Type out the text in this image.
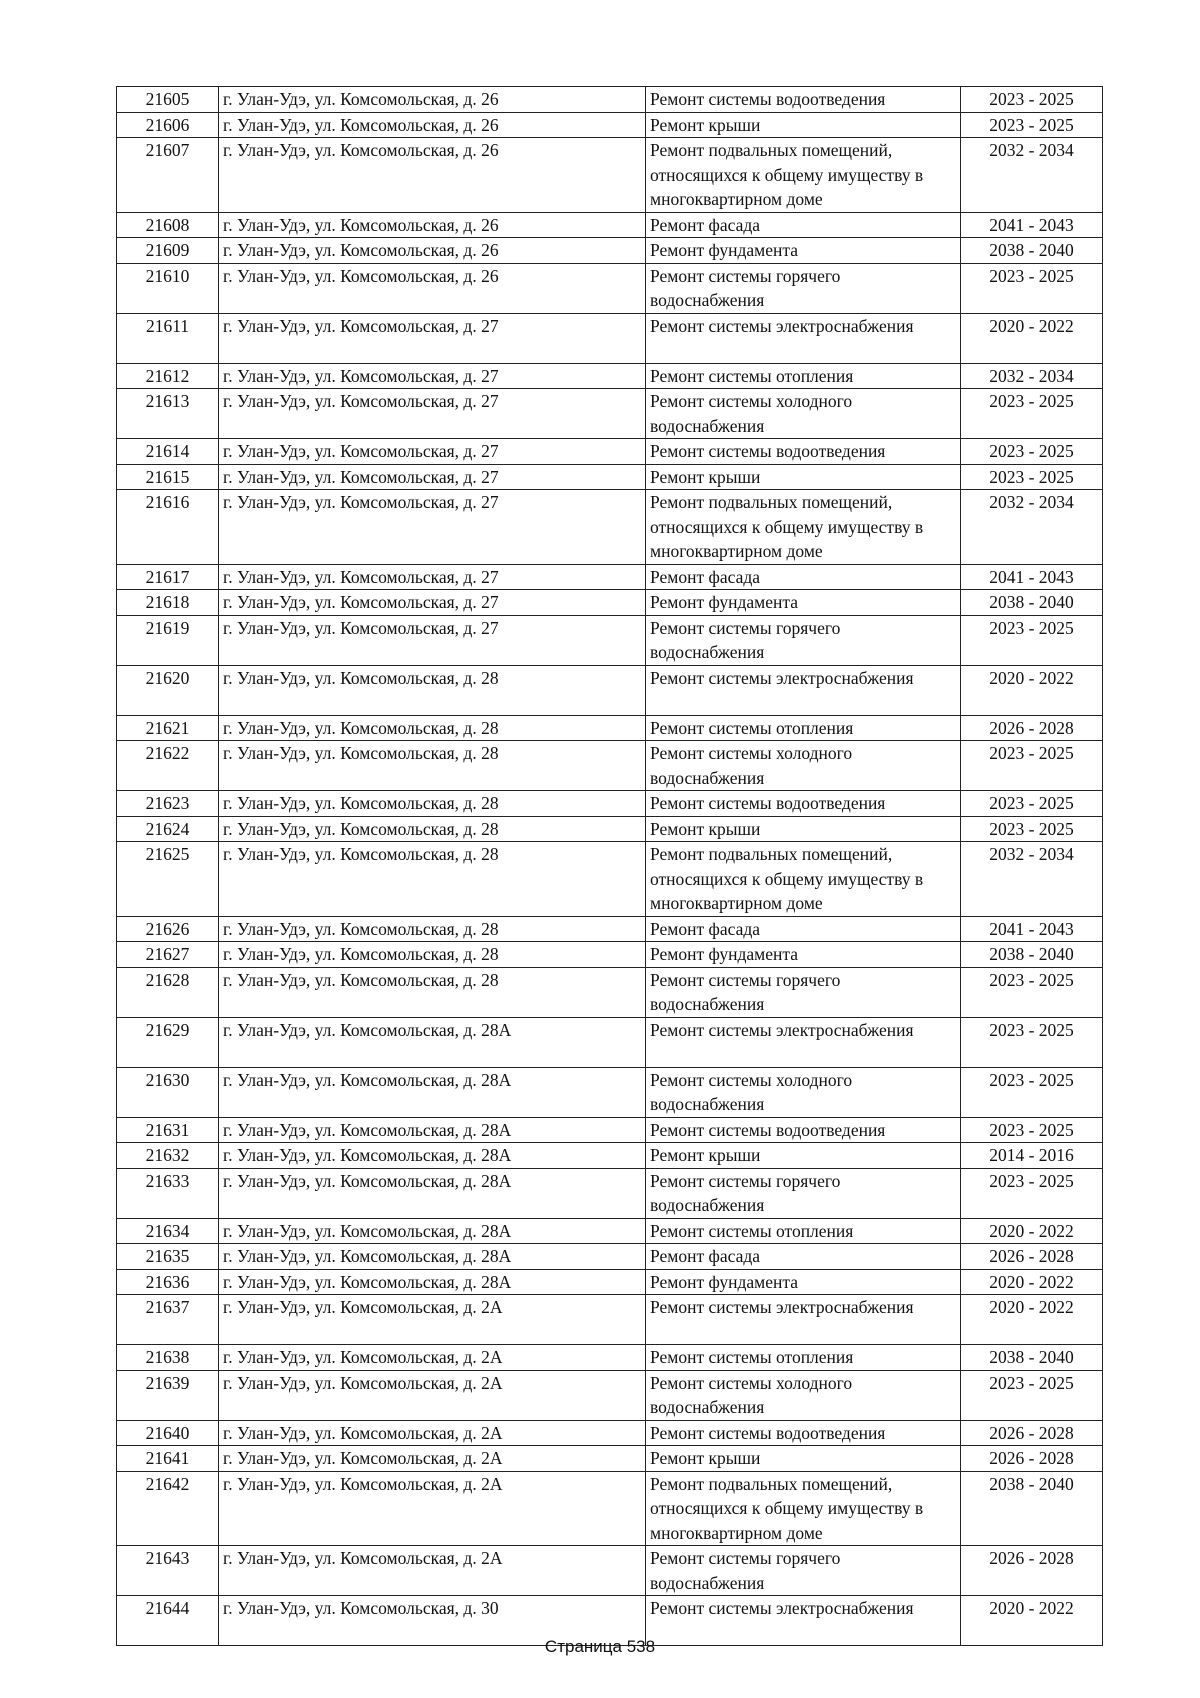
21605	г. Улан-Удэ, ул. Комсомольская, д. 26	Ремонт системы водоотведения	2023 - 2025
21606	г. Улан-Удэ, ул. Комсомольская, д. 26	Ремонт крыши	2023 - 2025
21607	г. Улан-Удэ, ул. Комсомольская, д. 26	Ремонт подвальных помещений, относящихся к общему имуществу в многоквартирном доме	2032 - 2034
21608	г. Улан-Удэ, ул. Комсомольская, д. 26	Ремонт фасада	2041 - 2043
21609	г. Улан-Удэ, ул. Комсомольская, д. 26	Ремонт фундамента	2038 - 2040
21610	г. Улан-Удэ, ул. Комсомольская, д. 26	Ремонт системы горячего водоснабжения	2023 - 2025
21611	г. Улан-Удэ, ул. Комсомольская, д. 27	Ремонт системы электроснабжения	2020 - 2022
21612	г. Улан-Удэ, ул. Комсомольская, д. 27	Ремонт системы отопления	2032 - 2034
21613	г. Улан-Удэ, ул. Комсомольская, д. 27	Ремонт системы холодного водоснабжения	2023 - 2025
21614	г. Улан-Удэ, ул. Комсомольская, д. 27	Ремонт системы водоотведения	2023 - 2025
21615	г. Улан-Удэ, ул. Комсомольская, д. 27	Ремонт крыши	2023 - 2025
21616	г. Улан-Удэ, ул. Комсомольская, д. 27	Ремонт подвальных помещений, относящихся к общему имуществу в многоквартирном доме	2032 - 2034
21617	г. Улан-Удэ, ул. Комсомольская, д. 27	Ремонт фасада	2041 - 2043
21618	г. Улан-Удэ, ул. Комсомольская, д. 27	Ремонт фундамента	2038 - 2040
21619	г. Улан-Удэ, ул. Комсомольская, д. 27	Ремонт системы горячего водоснабжения	2023 - 2025
21620	г. Улан-Удэ, ул. Комсомольская, д. 28	Ремонт системы электроснабжения	2020 - 2022
21621	г. Улан-Удэ, ул. Комсомольская, д. 28	Ремонт системы отопления	2026 - 2028
21622	г. Улан-Удэ, ул. Комсомольская, д. 28	Ремонт системы холодного водоснабжения	2023 - 2025
21623	г. Улан-Удэ, ул. Комсомольская, д. 28	Ремонт системы водоотведения	2023 - 2025
21624	г. Улан-Удэ, ул. Комсомольская, д. 28	Ремонт крыши	2023 - 2025
21625	г. Улан-Удэ, ул. Комсомольская, д. 28	Ремонт подвальных помещений, относящихся к общему имуществу в многоквартирном доме	2032 - 2034
21626	г. Улан-Удэ, ул. Комсомольская, д. 28	Ремонт фасада	2041 - 2043
21627	г. Улан-Удэ, ул. Комсомольская, д. 28	Ремонт фундамента	2038 - 2040
21628	г. Улан-Удэ, ул. Комсомольская, д. 28	Ремонт системы горячего водоснабжения	2023 - 2025
21629	г. Улан-Удэ, ул. Комсомольская, д. 28А	Ремонт системы электроснабжения	2023 - 2025
21630	г. Улан-Удэ, ул. Комсомольская, д. 28А	Ремонт системы холодного водоснабжения	2023 - 2025
21631	г. Улан-Удэ, ул. Комсомольская, д. 28А	Ремонт системы водоотведения	2023 - 2025
21632	г. Улан-Удэ, ул. Комсомольская, д. 28А	Ремонт крыши	2014 - 2016
21633	г. Улан-Удэ, ул. Комсомольская, д. 28А	Ремонт системы горячего водоснабжения	2023 - 2025
21634	г. Улан-Удэ, ул. Комсомольская, д. 28А	Ремонт системы отопления	2020 - 2022
21635	г. Улан-Удэ, ул. Комсомольская, д. 28А	Ремонт фасада	2026 - 2028
21636	г. Улан-Удэ, ул. Комсомольская, д. 28А	Ремонт фундамента	2020 - 2022
21637	г. Улан-Удэ, ул. Комсомольская, д. 2А	Ремонт системы электроснабжения	2020 - 2022
21638	г. Улан-Удэ, ул. Комсомольская, д. 2А	Ремонт системы отопления	2038 - 2040
21639	г. Улан-Удэ, ул. Комсомольская, д. 2А	Ремонт системы холодного водоснабжения	2023 - 2025
21640	г. Улан-Удэ, ул. Комсомольская, д. 2А	Ремонт системы водоотведения	2026 - 2028
21641	г. Улан-Удэ, ул. Комсомольская, д. 2А	Ремонт крыши	2026 - 2028
21642	г. Улан-Удэ, ул. Комсомольская, д. 2А	Ремонт подвальных помещений, относящихся к общему имуществу в многоквартирном доме	2038 - 2040
21643	г. Улан-Удэ, ул. Комсомольская, д. 2А	Ремонт системы горячего водоснабжения	2026 - 2028
21644	г. Улан-Удэ, ул. Комсомольская, д. 30	Ремонт системы электроснабжения	2020 - 2022
Страница 538
